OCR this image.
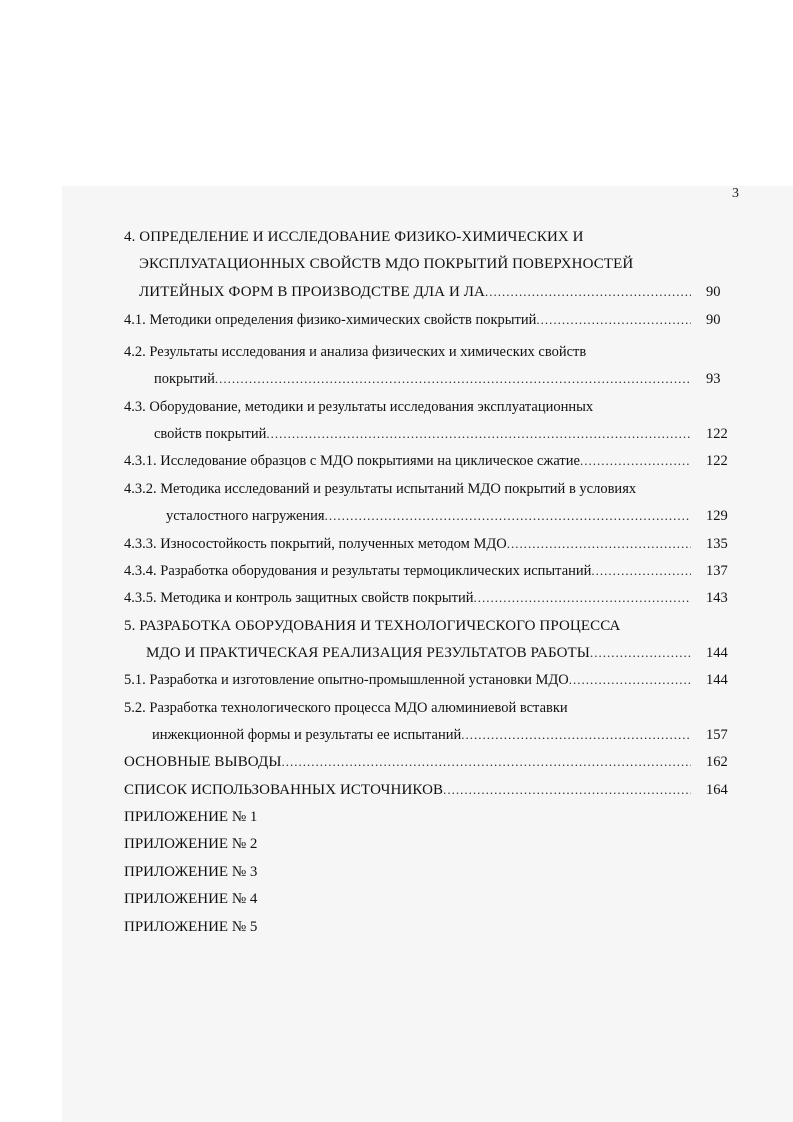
3
4. ОПРЕДЕЛЕНИЕ И ИССЛЕДОВАНИЕ ФИЗИКО-ХИМИЧЕСКИХ И
ЭКСПЛУАТАЦИОННЫХ СВОЙСТВ МДО ПОКРЫТИЙ ПОВЕРХНОСТЕЙ
ЛИТЕЙНЫХ ФОРМ В ПРОИЗВОДСТВЕ ДЛА И ЛА .....	90
4.1. Методики определения физико-химических свойств покрытий .....	90
4.2. Результаты исследования и анализа физических и химических свойств
покрытий .....	93
4.3. Оборудование, методики и результаты исследования эксплуатационных
свойств покрытий .....	122
4.3.1. Исследование образцов с МДО покрытиями на циклическое сжатие .....	122
4.3.2. Методика исследований и результаты испытаний МДО покрытий в условиях
усталостного нагружения .....	129
4.3.3. Износостойкость покрытий, полученных методом МДО .....	135
4.3.4. Разработка оборудования и результаты термоциклических испытаний .....	137
4.3.5. Методика и контроль защитных свойств покрытий .....	143
5. РАЗРАБОТКА ОБОРУДОВАНИЯ И ТЕХНОЛОГИЧЕСКОГО ПРОЦЕССА
МДО И ПРАКТИЧЕСКАЯ РЕАЛИЗАЦИЯ РЕЗУЛЬТАТОВ РАБОТЫ .....	144
5.1. Разработка и изготовление опытно-промышленной установки МДО .....	144
5.2. Разработка технологического процесса МДО алюминиевой вставки
инжекционной формы и результаты ее испытаний .....	157
ОСНОВНЫЕ ВЫВОДЫ .....	162
СПИСОК ИСПОЛЬЗОВАННЫХ ИСТОЧНИКОВ .....	164
ПРИЛОЖЕНИЕ № 1
ПРИЛОЖЕНИЕ № 2
ПРИЛОЖЕНИЕ № 3
ПРИЛОЖЕНИЕ № 4
ПРИЛОЖЕНИЕ № 5
